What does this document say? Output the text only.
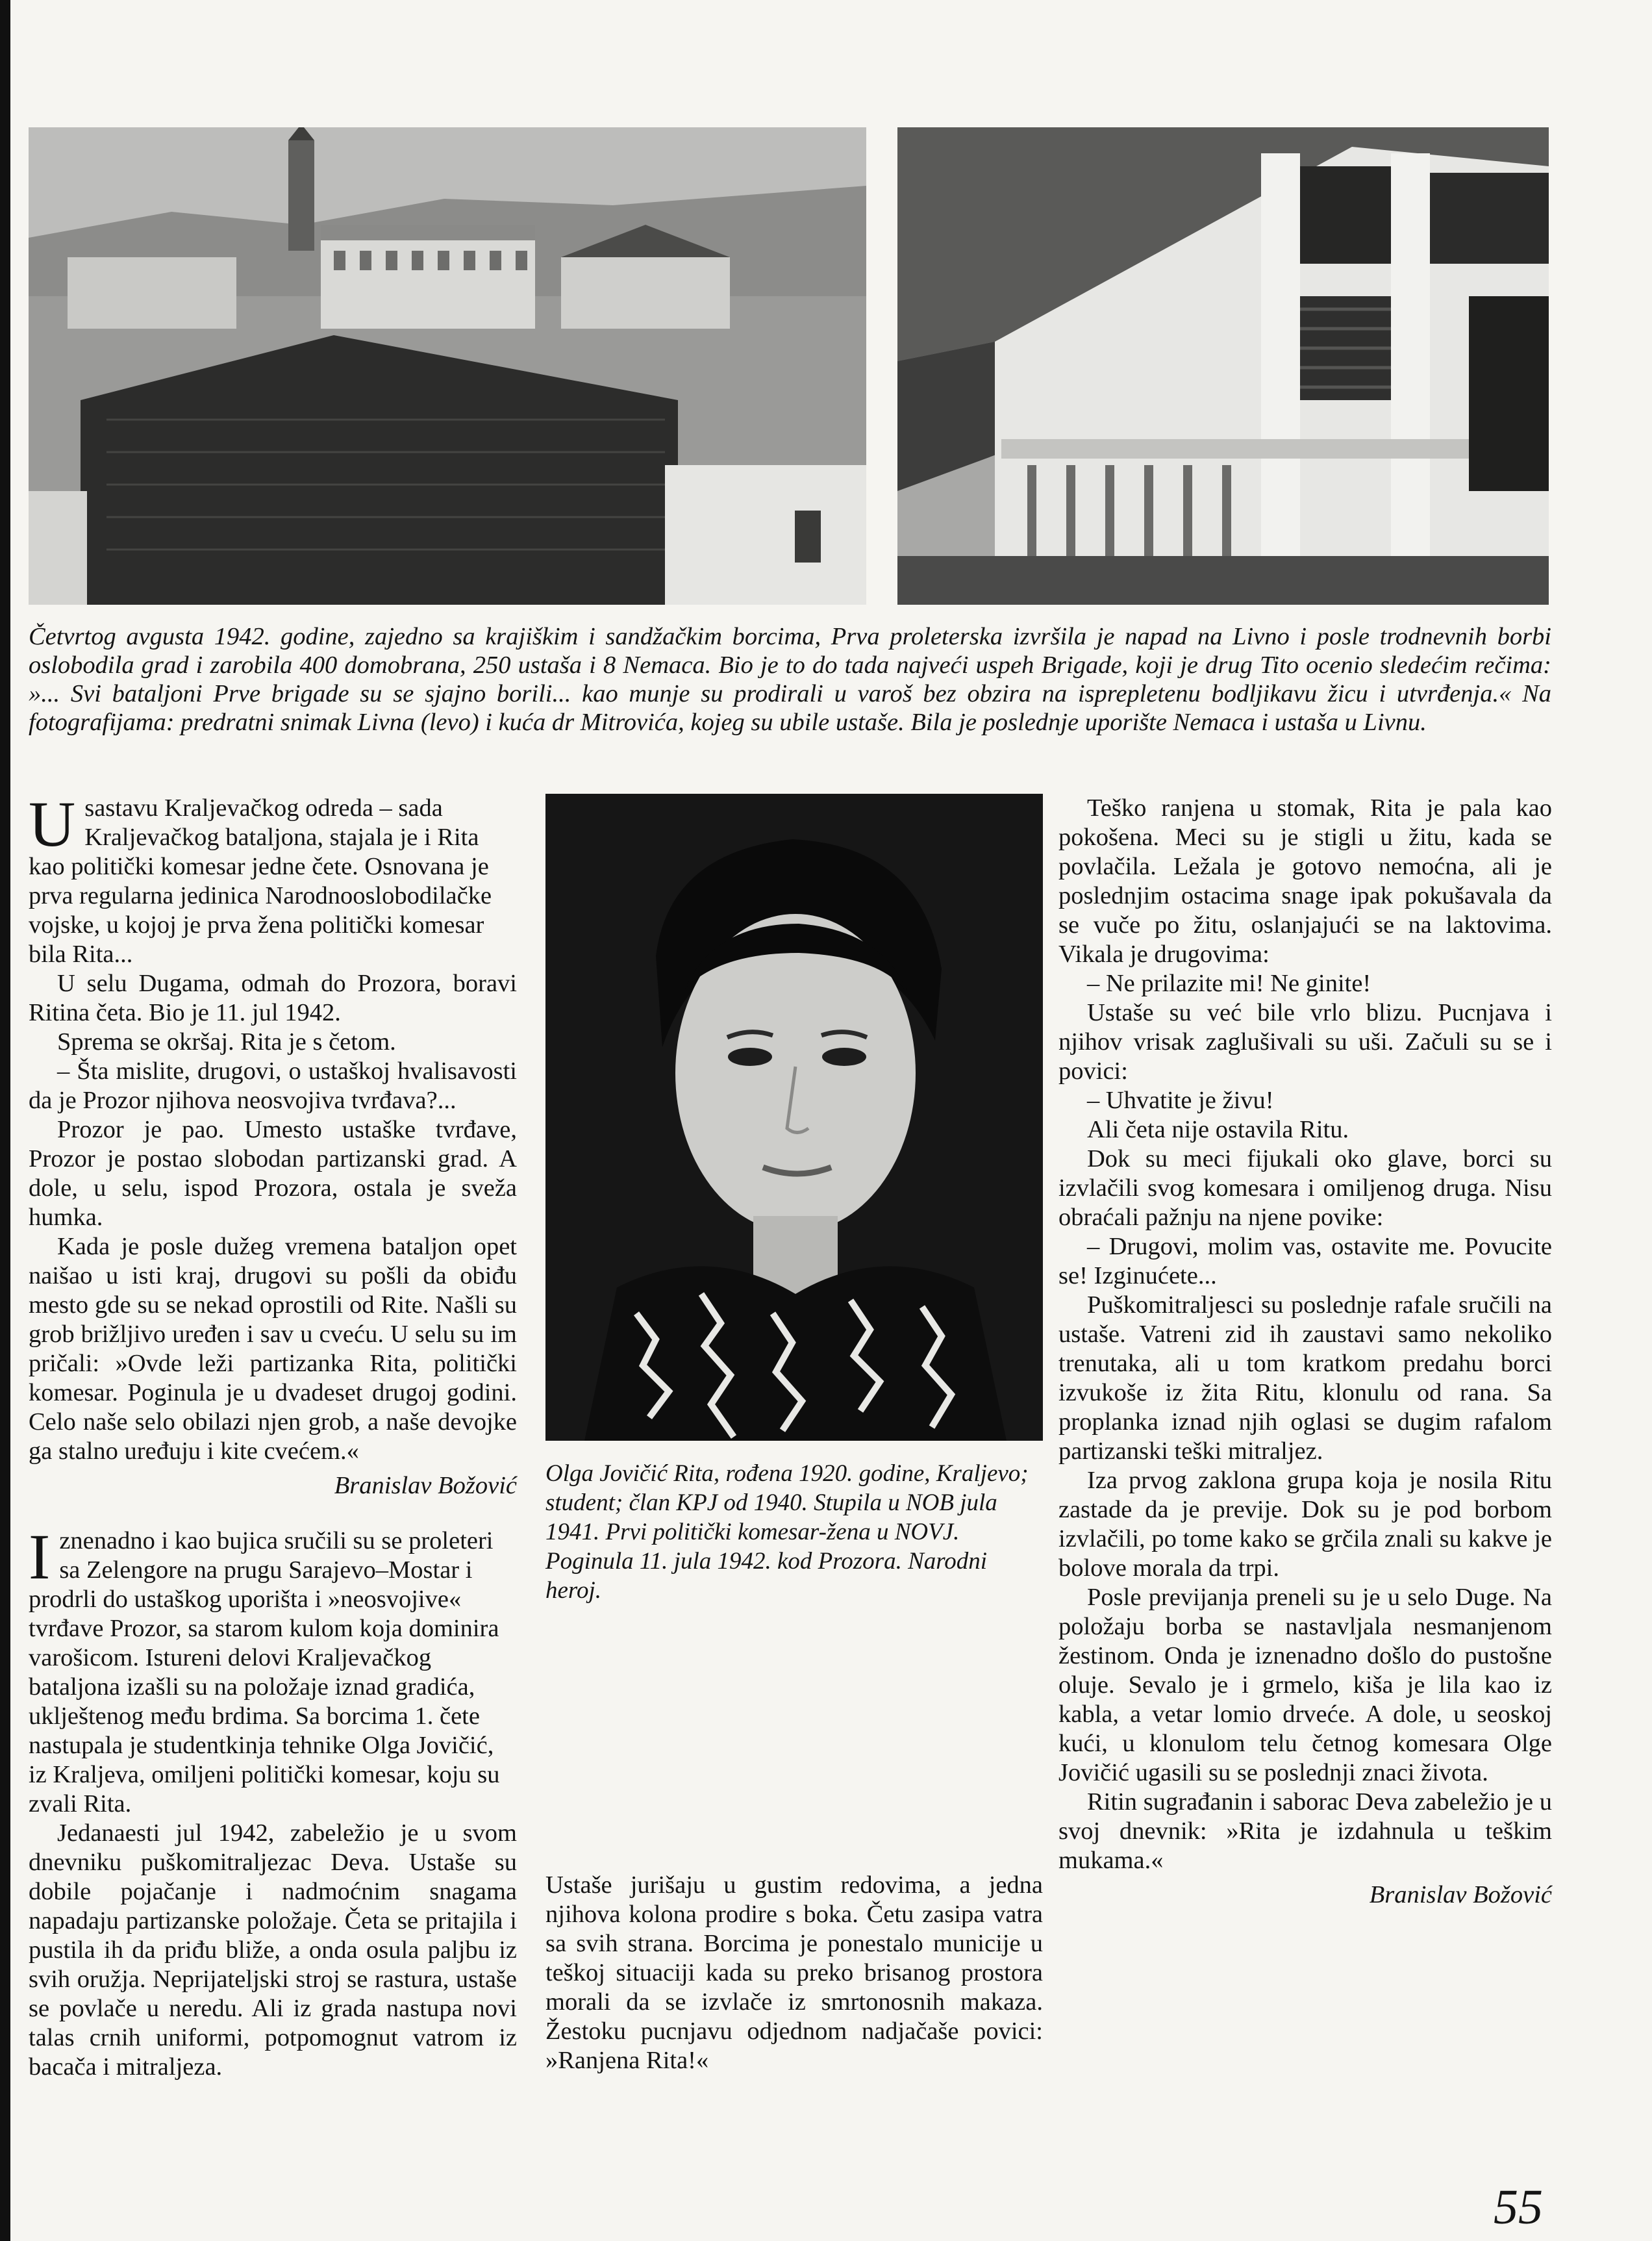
Četvrtog avgusta 1942. godine, zajedno sa krajiškim i sandžačkim borcima, Prva proleterska izvršila je napad na Livno i posle trodnevnih borbi oslobodila grad i zarobila 400 domobrana, 250 ustaša i 8 Nemaca. Bio je to do tada najveći uspeh Brigade, koji je drug Tito ocenio sledećim rečima: »... Svi bataljoni Prve brigade su se sjajno borili... kao munje su prodirali u varoš bez obzira na isprepletenu bodljikavu žicu i utvrđenja.« Na fotografijama: predratni snimak Livna (levo) i kuća dr Mitrovića, kojeg su ubile ustaše. Bila je poslednje uporište Nemaca i ustaša u Livnu.

Usastavu Kraljevačkog odreda – sada Kraljevačkog bataljona, stajala je i Rita kao politički komesar jedne čete. Osnovana je prva regularna jedinica Narodnooslobodilačke vojske, u kojoj je prva žena politički komesar bila Rita...

U selu Dugama, odmah do Prozora, boravi Ritina četa. Bio je 11. jul 1942.

Sprema se okršaj. Rita je s četom.

– Šta mislite, drugovi, o ustaškoj hvalisavosti da je Prozor njihova neosvojiva tvrđava?...

Prozor je pao. Umesto ustaške tvrđave, Prozor je postao slobodan partizanski grad. A dole, u selu, ispod Prozora, ostala je sveža humka.

Kada je posle dužeg vremena bataljon opet naišao u isti kraj, drugovi su pošli da obiđu mesto gde su se nekad oprostili od Rite. Našli su grob brižljivo uređen i sav u cveću. U selu su im pričali: »Ovde leži partizanka Rita, politički komesar. Poginula je u dvadeset drugoj godini. Celo naše selo obilazi njen grob, a naše devojke ga stalno uređuju i kite cvećem.«

Branislav Božović

Iznenadno i kao bujica sručili su se proleteri sa Zelengore na prugu Sarajevo–Mostar i prodrli do ustaškog uporišta i »neosvojive« tvrđave Prozor, sa starom kulom koja dominira varošicom. Istureni delovi Kraljevačkog bataljona izašli su na položaje iznad gradića, uklještenog među brdima. Sa borcima 1. čete nastupala je studentkinja tehnike Olga Jovičić, iz Kraljeva, omiljeni politički komesar, koju su zvali Rita.

Jedanaesti jul 1942, zabeležio je u svom dnevniku puškomitraljezac Deva. Ustaše su dobile pojačanje i nadmoćnim snagama napadaju partizanske položaje. Četa se pritajila i pustila ih da priđu bliže, a onda osula paljbu iz svih oružja. Neprijateljski stroj se rastura, ustaše se povlače u neredu. Ali iz grada nastupa novi talas crnih uniformi, potpomognut vatrom iz bacača i mitraljeza.

Olga Jovičić Rita, rođena 1920. godine, Kraljevo; student; član KPJ od 1940. Stupila u NOB jula 1941. Prvi politički komesar-žena u NOVJ. Poginula 11. jula 1942. kod Prozora. Narodni heroj.

Ustaše jurišaju u gustim redovima, a jedna njihova kolona prodire s boka. Četu zasipa vatra sa svih strana. Borcima je ponestalo municije u teškoj situaciji kada su preko brisanog prostora morali da se izvlače iz smrtonosnih makaza. Žestoku pucnjavu odjednom nadjačaše povici: »Ranjena Rita!«

Teško ranjena u stomak, Rita je pala kao pokošena. Meci su je stigli u žitu, kada se povlačila. Ležala je gotovo nemoćna, ali je poslednjim ostacima snage ipak pokušavala da se vuče po žitu, oslanjajući se na laktovima. Vikala je drugovima:

– Ne prilazite mi! Ne ginite!

Ustaše su već bile vrlo blizu. Pucnjava i njihov vrisak zaglušivali su uši. Začuli su se i povici:

– Uhvatite je živu!

Ali četa nije ostavila Ritu.

Dok su meci fijukali oko glave, borci su izvlačili svog komesara i omiljenog druga. Nisu obraćali pažnju na njene povike:

– Drugovi, molim vas, ostavite me. Povucite se! Izginućete...

Puškomitraljesci su poslednje rafale sručili na ustaše. Vatreni zid ih zaustavi samo nekoliko trenutaka, ali u tom kratkom predahu borci izvukoše iz žita Ritu, klonulu od rana. Sa proplanka iznad njih oglasi se dugim rafalom partizanski teški mitraljez.

Iza prvog zaklona grupa koja je nosila Ritu zastade da je previje. Dok su je pod borbom izvlačili, po tome kako se grčila znali su kakve je bolove morala da trpi.

Posle previjanja preneli su je u selo Duge. Na položaju borba se nastavljala nesmanjenom žestinom. Onda je iznenadno došlo do pustošne oluje. Sevalo je i grmelo, kiša je lila kao iz kabla, a vetar lomio drveće. A dole, u seoskoj kući, u klonulom telu četnog komesara Olge Jovičić ugasili su se poslednji znaci života.

Ritin sugrađanin i saborac Deva zabeležio je u svoj dnevnik: »Rita je izdahnula u teškim mukama.«

Branislav Božović

55
